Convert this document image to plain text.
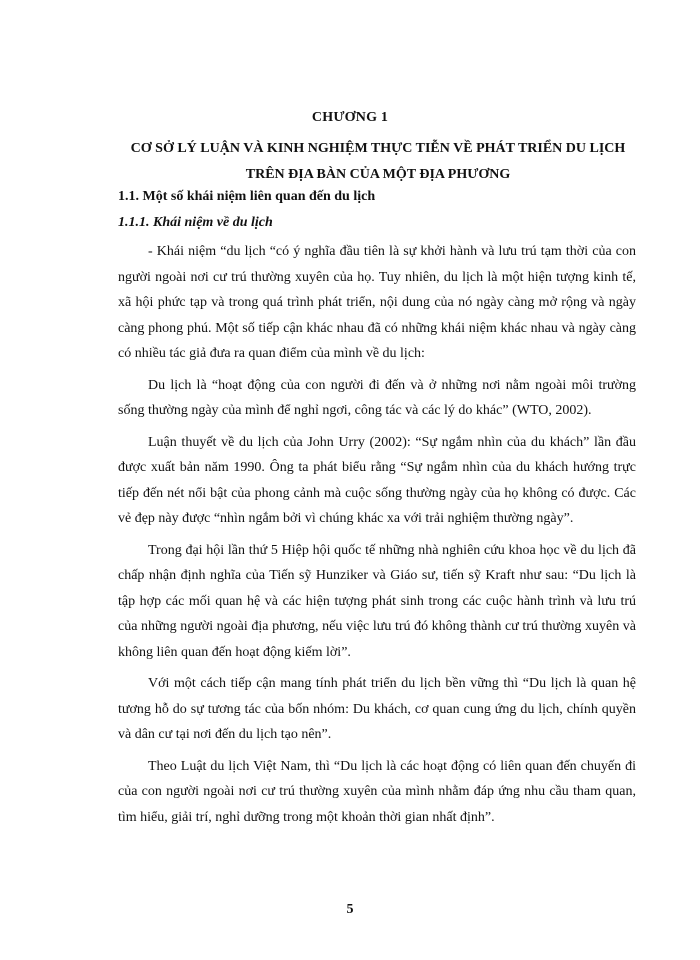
CHƯƠNG 1
CƠ SỞ LÝ LUẬN VÀ KINH NGHIỆM THỰC TIỄN VỀ PHÁT TRIỂN DU LỊCH TRÊN ĐỊA BÀN CỦA MỘT ĐỊA PHƯƠNG
1.1. Một số khái niệm liên quan đến du lịch
1.1.1. Khái niệm về du lịch

- Khái niệm “du lịch “có ý nghĩa đầu tiên là sự khởi hành và lưu trú tạm thời của con người ngoài nơi cư trú thường xuyên của họ. Tuy nhiên, du lịch là một hiện tượng kinh tế, xã hội phức tạp và trong quá trình phát triển, nội dung của nó ngày càng mở rộng và ngày càng phong phú. Một số tiếp cận khác nhau đã có những khái niệm khác nhau và ngày càng có nhiều tác giả đưa ra quan điểm của mình về du lịch:

Du lịch là “hoạt động của con người đi đến và ở những nơi nằm ngoài môi trường sống thường ngày của mình để nghỉ ngơi, công tác và các lý do khác” (WTO, 2002).

Luận thuyết về du lịch của John Urry (2002): “Sự ngắm nhìn của du khách” lần đầu được xuất bản năm 1990. Ông ta phát biểu rằng “Sự ngắm nhìn của du khách hướng trực tiếp đến nét nổi bật của phong cảnh mà cuộc sống thường ngày của họ không có được. Các vẻ đẹp này được “nhìn ngắm bởi vì chúng khác xa với trải nghiệm thường ngày”.

Trong đại hội lần thứ 5 Hiệp hội quốc tế những nhà nghiên cứu khoa học về du lịch đã chấp nhận định nghĩa của Tiến sỹ Hunziker và Giáo sư, tiến sỹ Kraft như sau: “Du lịch là tập hợp các mối quan hệ và các hiện tượng phát sinh trong các cuộc hành trình và lưu trú của những người ngoài địa phương, nếu việc lưu trú đó không thành cư trú thường xuyên và không liên quan đến hoạt động kiếm lời”.

Với một cách tiếp cận mang tính phát triển du lịch bền vững thì “Du lịch là quan hệ tương hỗ do sự tương tác của bốn nhóm: Du khách, cơ quan cung ứng du lịch, chính quyền và dân cư tại nơi đến du lịch tạo nên”.

Theo Luật du lịch Việt Nam, thì “Du lịch là các hoạt động có liên quan đến chuyến đi của con người ngoài nơi cư trú thường xuyên của mình nhằm đáp ứng nhu cầu tham quan, tìm hiểu, giải trí, nghỉ dưỡng trong một khoản thời gian nhất định”.

5
